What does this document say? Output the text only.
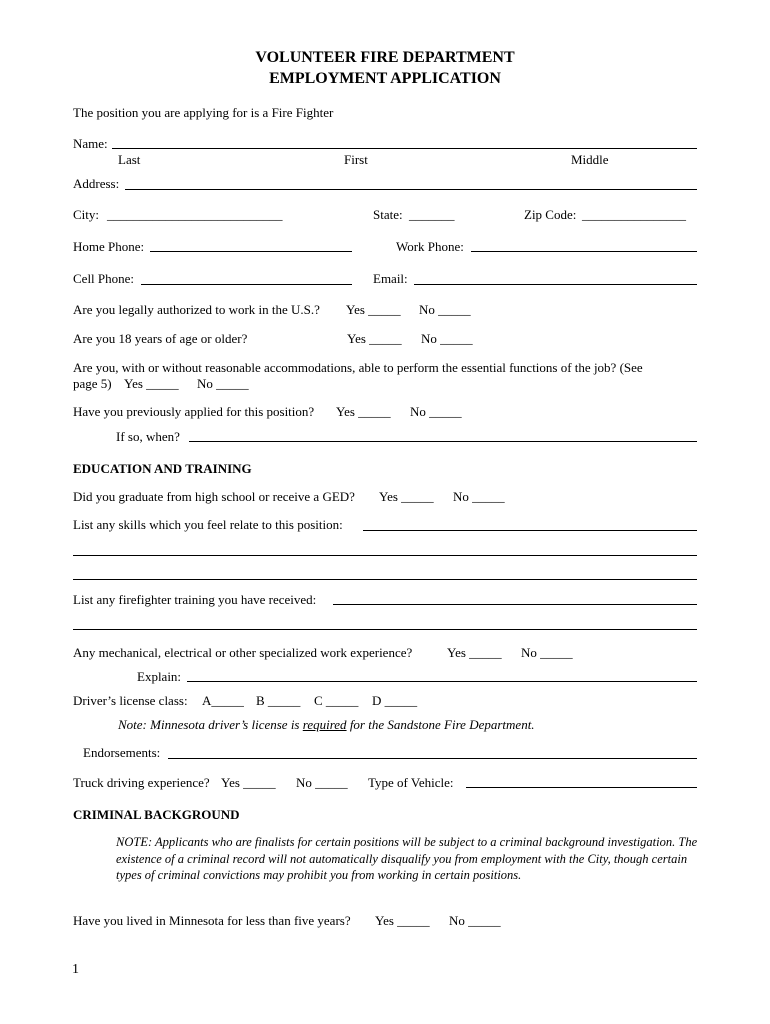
VOLUNTEER FIRE DEPARTMENT
EMPLOYMENT APPLICATION
The position you are applying for is a Fire Fighter
Name:
Last	First	Middle
Address:
City: ___________________________	State: _______	Zip Code: ________________
Home Phone:	Work Phone:
Cell Phone:	Email:
Are you legally authorized to work in the U.S.? Yes _____ No _____
Are you 18 years of age or older?	Yes _____ No _____
Are you, with or without reasonable accommodations, able to perform the essential functions of the job? (See
page 5) Yes _____ No _____
Have you previously applied for this position? Yes _____ No _____
If so, when?
EDUCATION AND TRAINING
Did you graduate from high school or receive a GED? Yes _____ No _____
List any skills which you feel relate to this position:
List any firefighter training you have received:
Any mechanical, electrical or other specialized work experience?	Yes _____ No _____
Explain:
Driver’s license class: A_____ B _____ C _____ D _____
Note: Minnesota driver’s license is required for the Sandstone Fire Department.
Endorsements:
Truck driving experience? Yes _____ No _____ Type of Vehicle:
CRIMINAL BACKGROUND
NOTE: Applicants who are finalists for certain positions will be subject to a criminal background investigation. The existence of a criminal record will not automatically disqualify you from employment with the City, though certain types of criminal convictions may prohibit you from working in certain positions.
Have you lived in Minnesota for less than five years? Yes _____ No _____
1
